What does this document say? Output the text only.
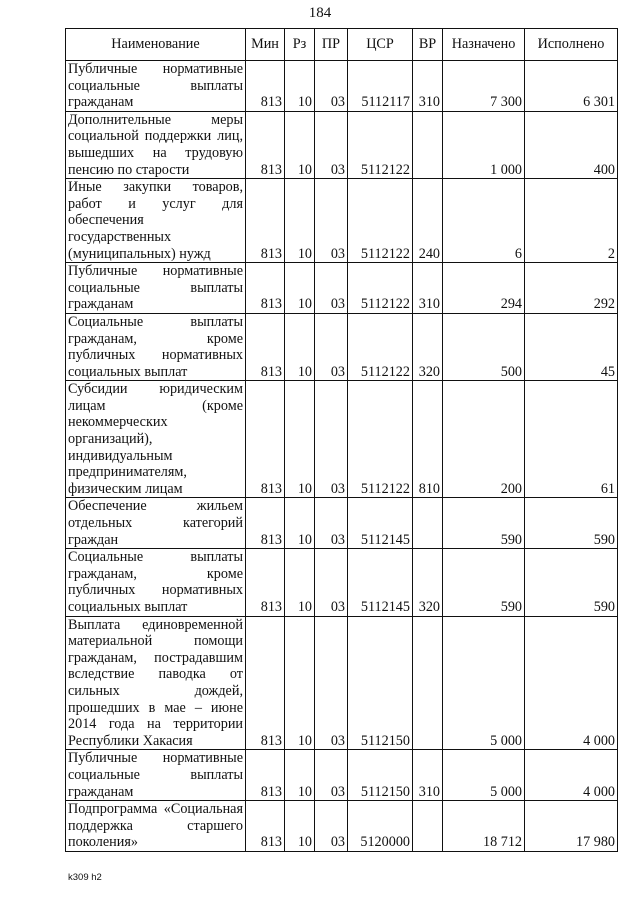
184
Наименование	Мин	Рз	ПР	ЦСР	ВР	Назначено	Исполнено
Публичные нормативные социальные выплаты гражданам	813	10	03	5112117	310	7 300	6 301
Дополнительные меры социальной поддержки лиц, вышедших на трудовую пенсию по старости	813	10	03	5112122		1 000	400
Иные закупки товаров, работ и услуг для обеспечения государственных (муниципальных) нужд	813	10	03	5112122	240	6	2
Публичные нормативные социальные выплаты гражданам	813	10	03	5112122	310	294	292
Социальные выплаты гражданам, кроме публичных нормативных социальных выплат	813	10	03	5112122	320	500	45
Субсидии юридическим лицам (кроме некоммерческих организаций), индивидуальным предпринимателям, физическим лицам	813	10	03	5112122	810	200	61
Обеспечение жильем отдельных категорий граждан	813	10	03	5112145		590	590
Социальные выплаты гражданам, кроме публичных нормативных социальных выплат	813	10	03	5112145	320	590	590
Выплата единовременной материальной помощи гражданам, пострадавшим вследствие паводка от сильных дождей, прошедших в мае – июне 2014 года на территории Республики Хакасия	813	10	03	5112150		5 000	4 000
Публичные нормативные социальные выплаты гражданам	813	10	03	5112150	310	5 000	4 000
Подпрограмма «Социальная поддержка старшего поколения»	813	10	03	5120000		18 712	17 980
k309 h2
